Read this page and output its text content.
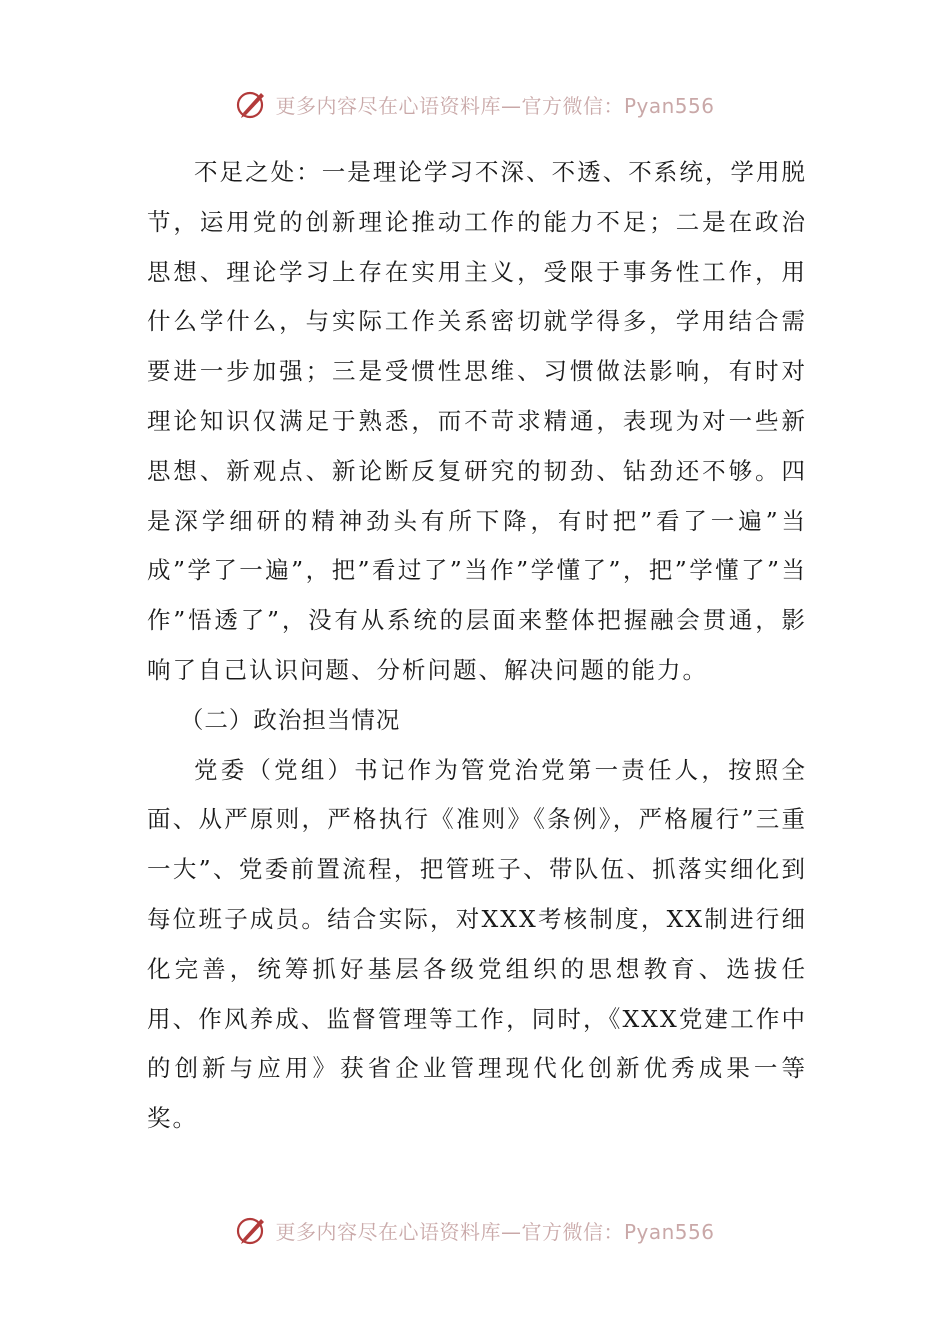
更多内容尽在心语资料库—官方微信：Pyan556

不足之处：一是理论学习不深、不透、不系统，学用脱节，运用党的创新理论推动工作的能力不足；二是在政治思想、理论学习上存在实用主义，受限于事务性工作，用什么学什么，与实际工作关系密切就学得多，学用结合需要进一步加强；三是受惯性思维、习惯做法影响，有时对理论知识仅满足于熟悉，而不苛求精通，表现为对一些新思想、新观点、新论断反复研究的韧劲、钻劲还不够。四是深学细研的精神劲头有所下降，有时把”看了一遍”当成”学了一遍”，把”看过了”当作”学懂了”，把”学懂了”当作”悟透了”，没有从系统的层面来整体把握融会贯通，影响了自己认识问题、分析问题、解决问题的能力。

（二）政治担当情况

党委（党组）书记作为管党治党第一责任人，按照全面、从严原则，严格执行《准则》《条例》，严格履行”三重一大”、党委前置流程，把管班子、带队伍、抓落实细化到每位班子成员。结合实际，对XXX考核制度，XX制进行细化完善，统筹抓好基层各级党组织的思想教育、选拔任用、作风养成、监督管理等工作，同时，《XXX党建工作中的创新与应用》获省企业管理现代化创新优秀成果一等奖。

更多内容尽在心语资料库—官方微信：Pyan556
